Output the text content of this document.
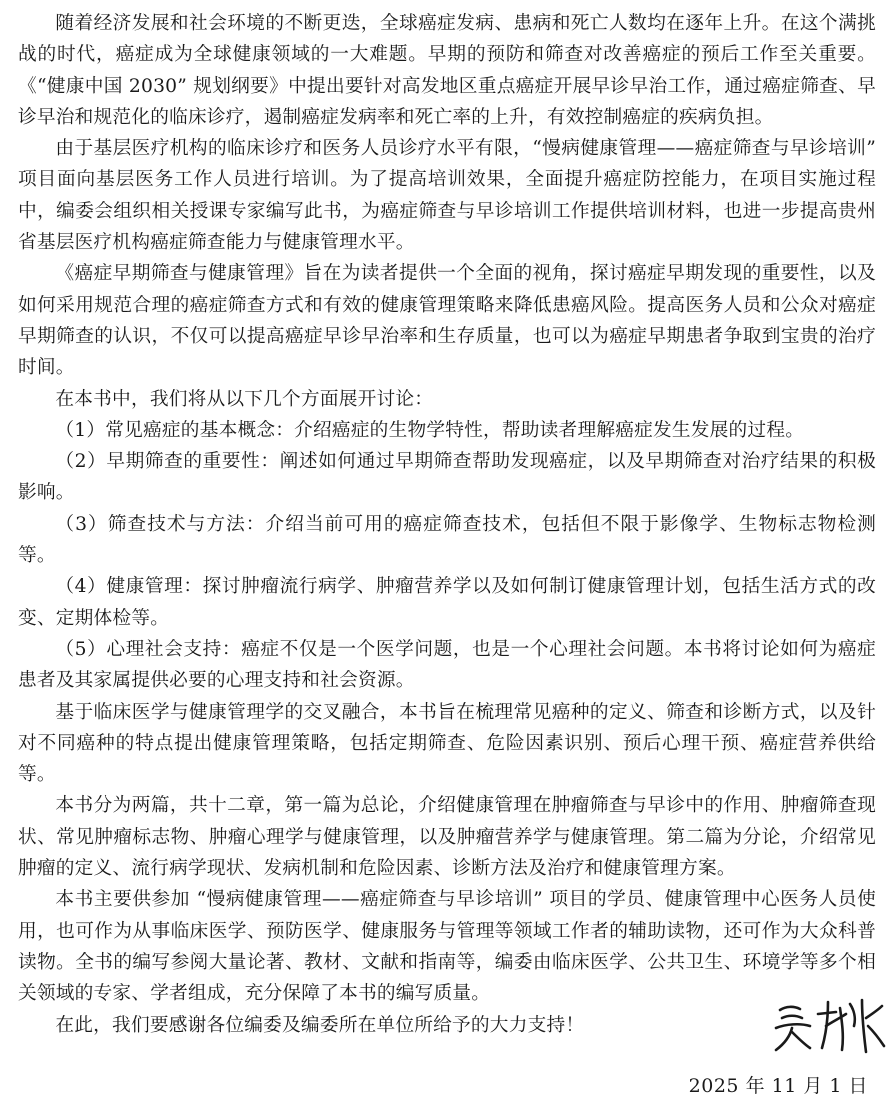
随着经济发展和社会环境的不断更迭，全球癌症发病、患病和死亡人数均在逐年上升。在这个满挑战的时代，癌症成为全球健康领域的一大难题。早期的预防和筛查对改善癌症的预后工作至关重要。《“健康中国 2030” 规划纲要》中提出要针对高发地区重点癌症开展早诊早治工作，通过癌症筛查、早诊早治和规范化的临床诊疗，遏制癌症发病率和死亡率的上升，有效控制癌症的疾病负担。

由于基层医疗机构的临床诊疗和医务人员诊疗水平有限，“慢病健康管理——癌症筛查与早诊培训” 项目面向基层医务工作人员进行培训。为了提高培训效果，全面提升癌症防控能力，在项目实施过程中，编委会组织相关授课专家编写此书，为癌症筛查与早诊培训工作提供培训材料，也进一步提高贵州省基层医疗机构癌症筛查能力与健康管理水平。

《癌症早期筛查与健康管理》旨在为读者提供一个全面的视角，探讨癌症早期发现的重要性，以及如何采用规范合理的癌症筛查方式和有效的健康管理策略来降低患癌风险。提高医务人员和公众对癌症早期筛查的认识，不仅可以提高癌症早诊早治率和生存质量，也可以为癌症早期患者争取到宝贵的治疗时间。

在本书中，我们将从以下几个方面展开讨论：

（1）常见癌症的基本概念：介绍癌症的生物学特性，帮助读者理解癌症发生发展的过程。

（2）早期筛查的重要性：阐述如何通过早期筛查帮助发现癌症，以及早期筛查对治疗结果的积极影响。

（3）筛查技术与方法：介绍当前可用的癌症筛查技术，包括但不限于影像学、生物标志物检测等。

（4）健康管理：探讨肿瘤流行病学、肿瘤营养学以及如何制订健康管理计划，包括生活方式的改变、定期体检等。

（5）心理社会支持：癌症不仅是一个医学问题，也是一个心理社会问题。本书将讨论如何为癌症患者及其家属提供必要的心理支持和社会资源。

基于临床医学与健康管理学的交叉融合，本书旨在梳理常见癌种的定义、筛查和诊断方式，以及针对不同癌种的特点提出健康管理策略，包括定期筛查、危险因素识别、预后心理干预、癌症营养供给等。

本书分为两篇，共十二章，第一篇为总论，介绍健康管理在肿瘤筛查与早诊中的作用、肿瘤筛查现状、常见肿瘤标志物、肿瘤心理学与健康管理，以及肿瘤营养学与健康管理。第二篇为分论，介绍常见肿瘤的定义、流行病学现状、发病机制和危险因素、诊断方法及治疗和健康管理方案。

本书主要供参加 “慢病健康管理——癌症筛查与早诊培训” 项目的学员、健康管理中心医务人员使用，也可作为从事临床医学、预防医学、健康服务与管理等领域工作者的辅助读物，还可作为大众科普读物。全书的编写参阅大量论著、教材、文献和指南等，编委由临床医学、公共卫生、环境学等多个相关领域的专家、学者组成，充分保障了本书的编写质量。

在此，我们要感谢各位编委及编委所在单位所给予的大力支持！

2025 年 11 月 1 日
